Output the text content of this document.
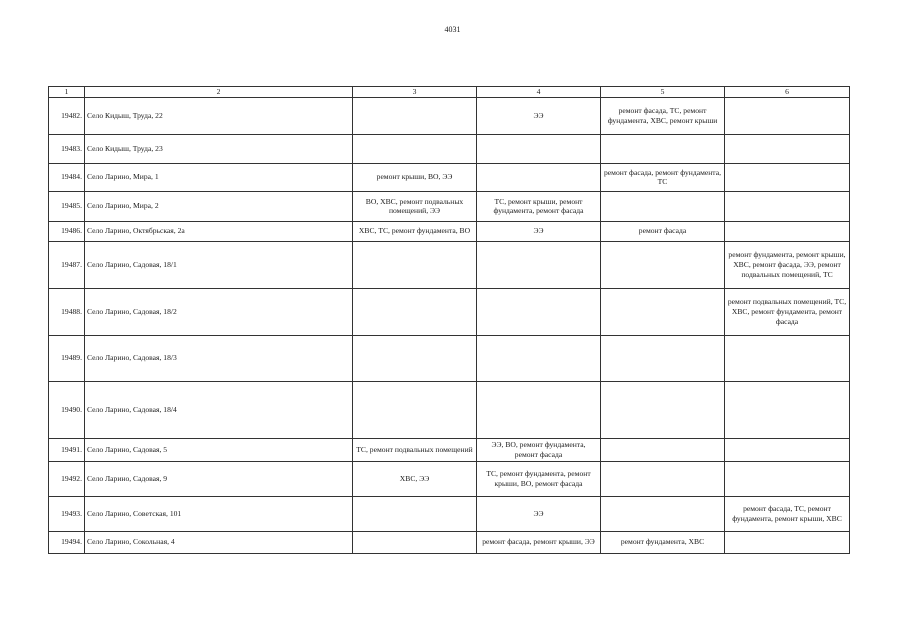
4031
1	2	3	4	5	6
19482.	Село Кидыш, Труда, 22		ЭЭ	ремонт фасада, ТС, ремонт фундамента, ХВС, ремонт крыши	
19483.	Село Кидыш, Труда, 23				
19484.	Село Ларино, Мира, 1	ремонт крыши, ВО, ЭЭ		ремонт фасада, ремонт фундамента, ТС	
19485.	Село Ларино, Мира, 2	ВО, ХВС, ремонт подвальных помещений, ЭЭ	ТС, ремонт крыши, ремонт фундамента, ремонт фасада		
19486.	Село Ларино, Октябрьская, 2а	ХВС, ТС, ремонт фундамента, ВО	ЭЭ	ремонт фасада	
19487.	Село Ларино, Садовая, 18/1				ремонт фундамента, ремонт крыши, ХВС, ремонт фасада, ЭЭ, ремонт подвальных помещений, ТС
19488.	Село Ларино, Садовая, 18/2				ремонт подвальных помещений, ТС, ХВС, ремонт фундамента, ремонт фасада
19489.	Село Ларино, Садовая, 18/3				
19490.	Село Ларино, Садовая, 18/4				
19491.	Село Ларино, Садовая, 5	ТС, ремонт подвальных помещений	ЭЭ, ВО, ремонт фундамента, ремонт фасада		
19492.	Село Ларино, Садовая, 9	ХВС, ЭЭ	ТС, ремонт фундамента, ремонт крыши, ВО, ремонт фасада		
19493.	Село Ларино, Советская, 101		ЭЭ		ремонт фасада, ТС, ремонт фундамента, ремонт крыши, ХВС
19494.	Село Ларино, Сокольная, 4		ремонт фасада, ремонт крыши, ЭЭ	ремонт фундамента, ХВС	
